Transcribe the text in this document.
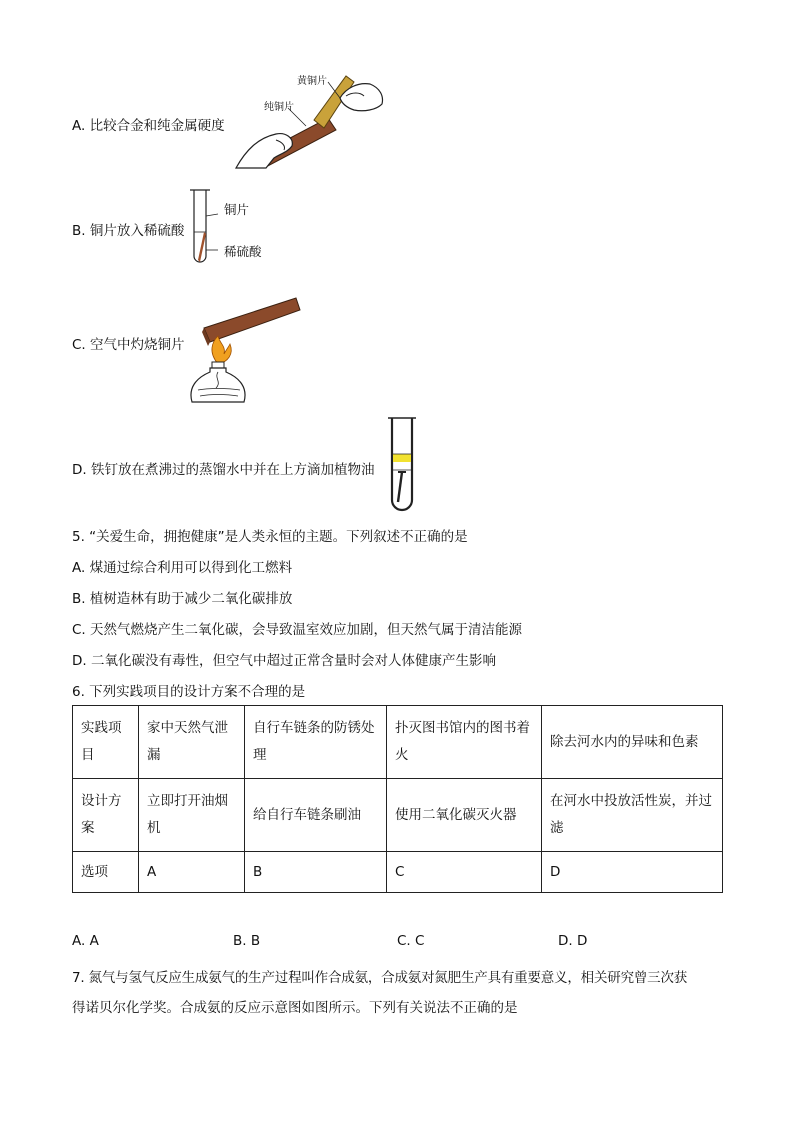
A. 比较合金和纯金属硬度
黄铜片
纯铜片
B. 铜片放入稀硫酸
铜片
稀硫酸
C. 空气中灼烧铜片
D. 铁钉放在煮沸过的蒸馏水中并在上方滴加植物油
5. “关爱生命，拥抱健康”是人类永恒的主题。下列叙述不正确的是
A. 煤通过综合利用可以得到化工燃料
B. 植树造林有助于减少二氧化碳排放
C. 天然气燃烧产生二氧化碳，会导致温室效应加剧，但天然气属于清洁能源
D. 二氧化碳没有毒性，但空气中超过正常含量时会对人体健康产生影响
6. 下列实践项目的设计方案不合理的是
实践项目	家中天然气泄漏	自行车链条的防锈处理	扑灭图书馆内的图书着火	除去河水内的异味和色素
设计方案	立即打开油烟机	给自行车链条刷油	使用二氧化碳灭火器	在河水中投放活性炭，并过滤
选项	A	B	C	D
A. A	B. B	C. C	D. D
7. 氮气与氢气反应生成氨气的生产过程叫作合成氨，合成氨对氮肥生产具有重要意义，相关研究曾三次获
得诺贝尔化学奖。合成氨的反应示意图如图所示。下列有关说法不正确的是
